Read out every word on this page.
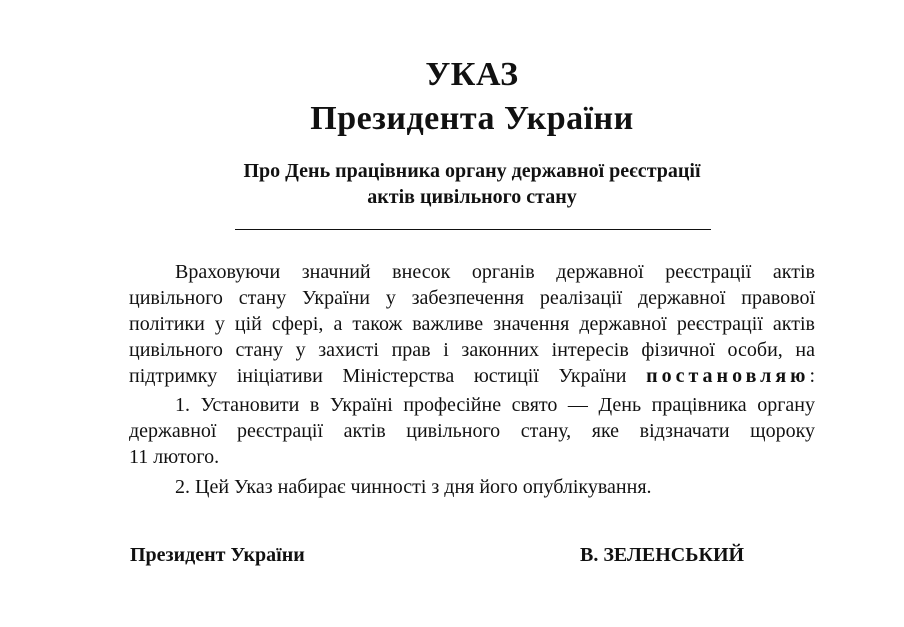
УКАЗ
Президента України
Про День працівника органу державної реєстрації
актів цивільного стану
Враховуючи значний внесок органів державної реєстрації актів
цивільного стану України у забезпечення реалізації державної правової
політики у цій сфері, а також важливе значення державної реєстрації актів
цивільного стану у захисті прав і законних інтересів фізичної особи, на
підтримку ініціативи Міністерства юстиції України постановляю:
1. Установити в Україні професійне свято — День працівника органу
державної реєстрації актів цивільного стану, яке відзначати щороку
11 лютого.
2. Цей Указ набирає чинності з дня його опублікування.
Президент України	В. ЗЕЛЕНСЬКИЙ
